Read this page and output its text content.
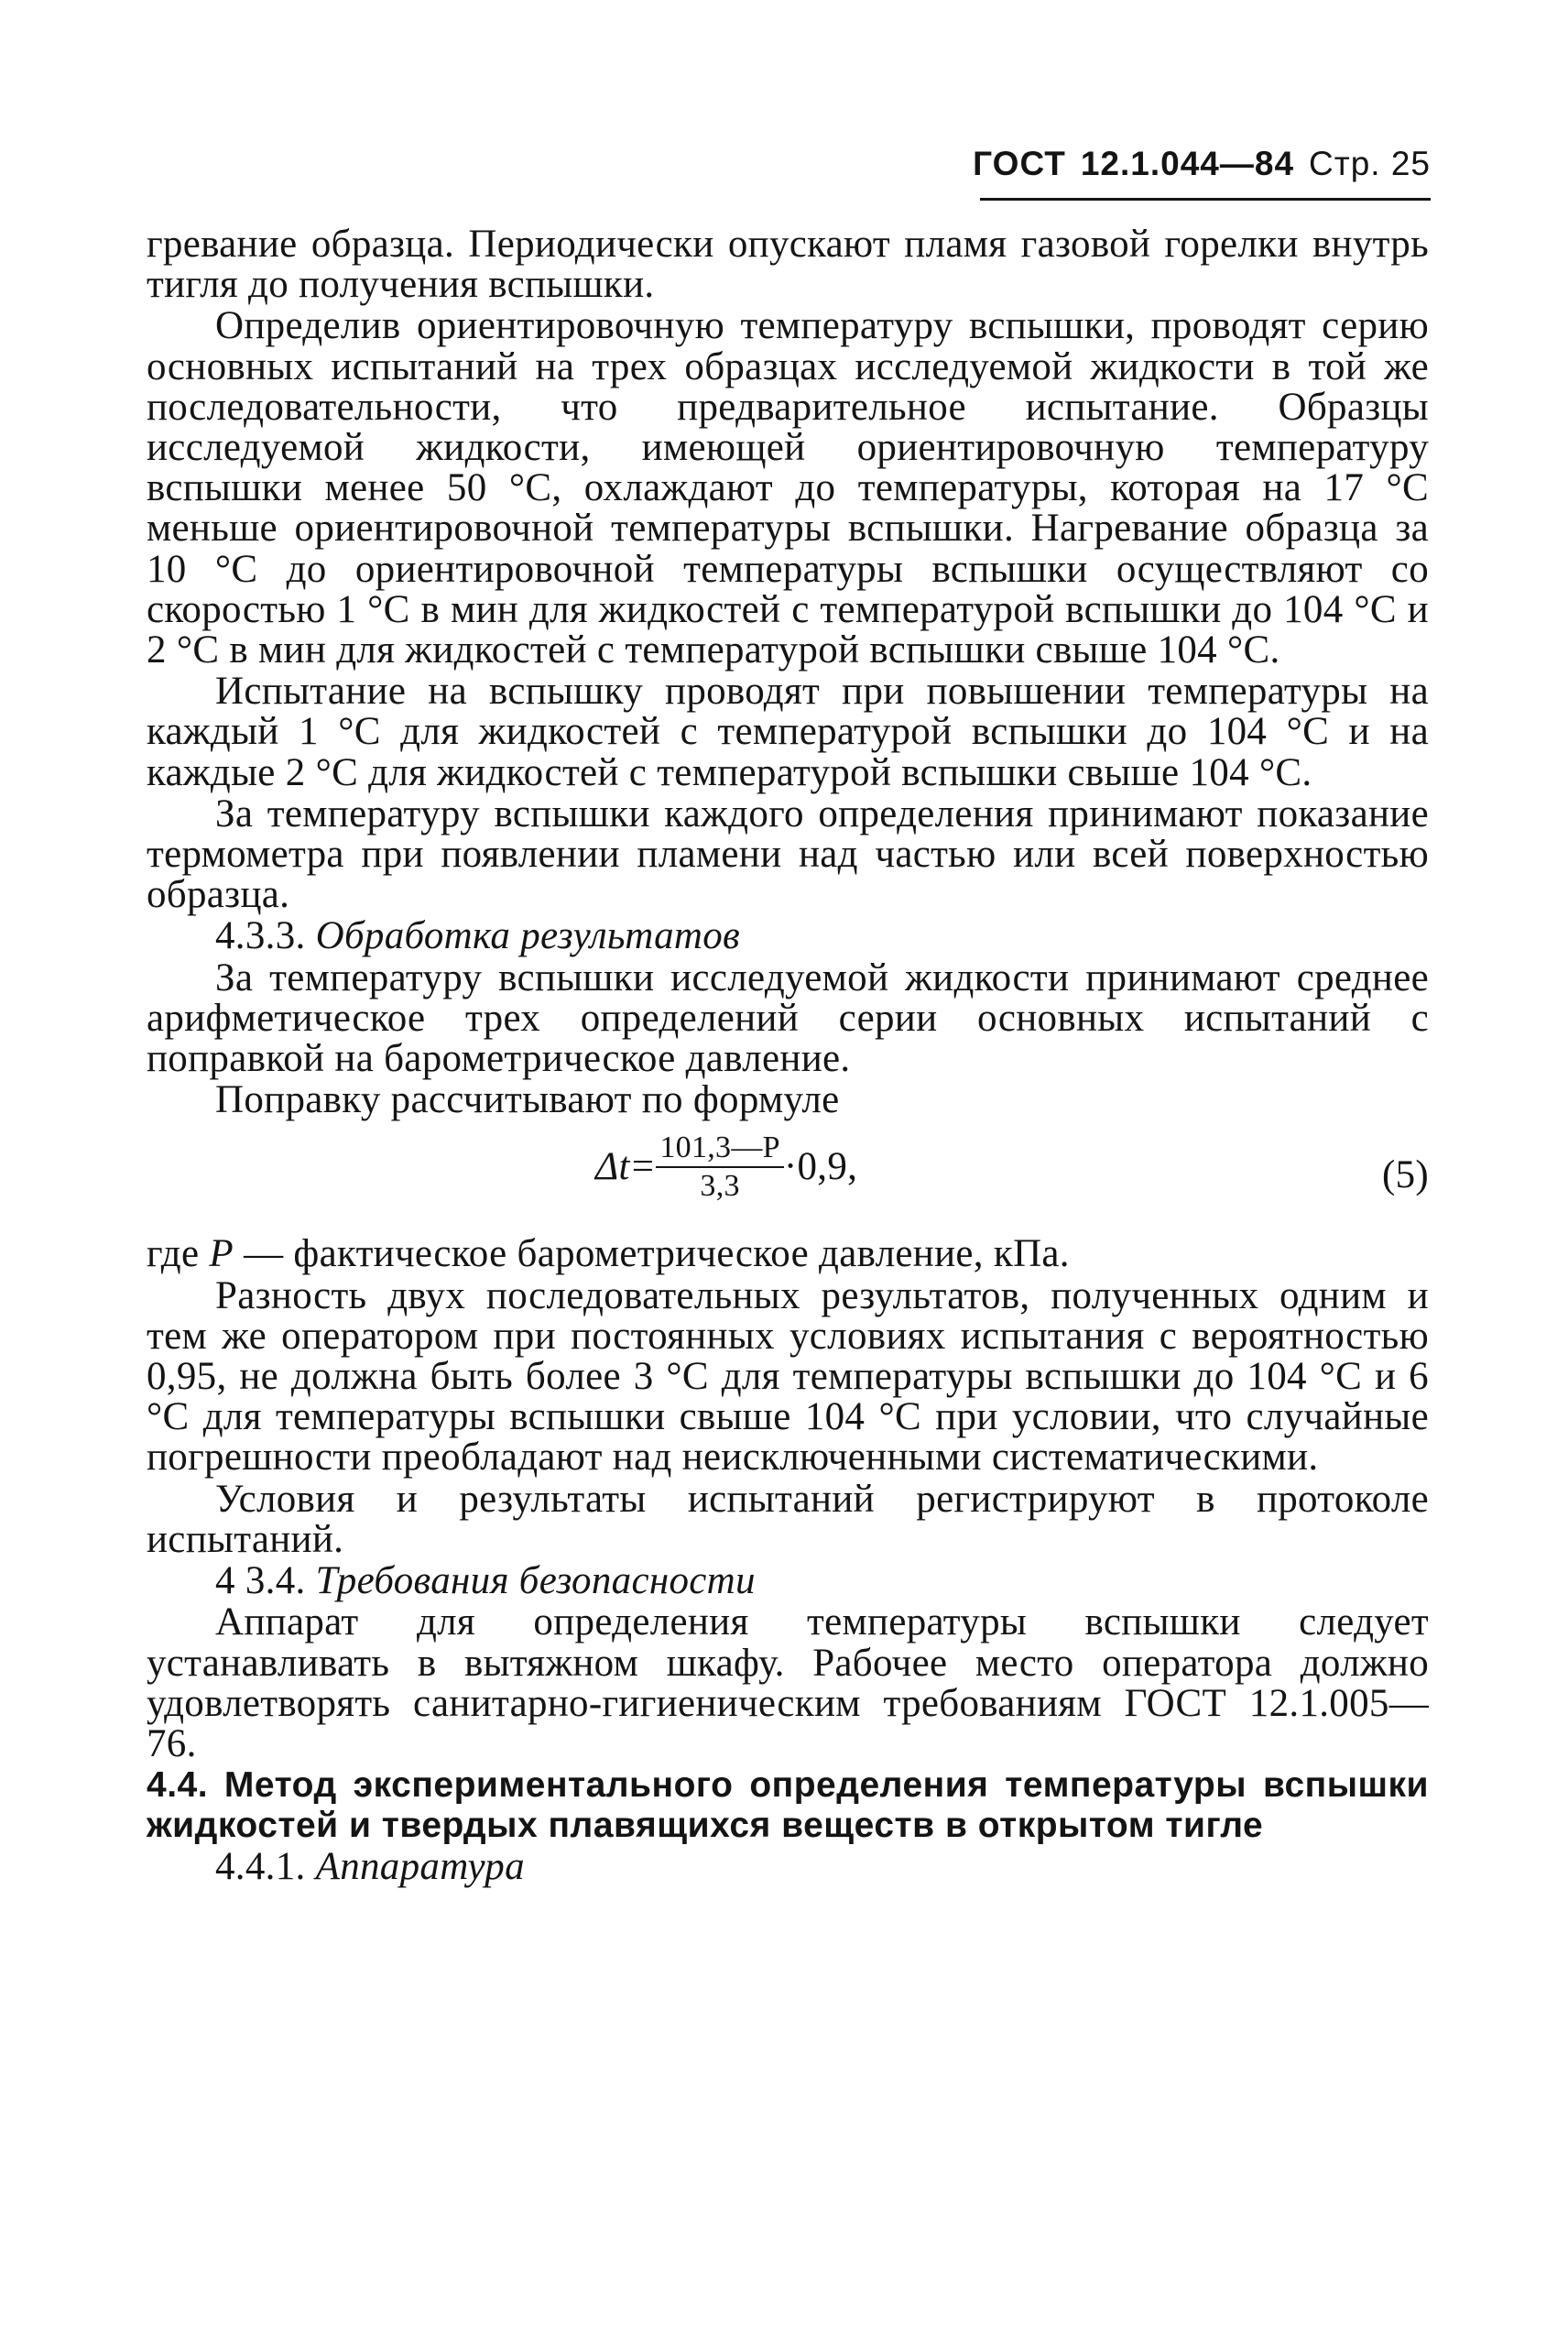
ГОСТ 12.1.044—84 Стр. 25

гревание образца. Периодически опускают пламя газовой горелки внутрь тигля до получения вспышки.

Определив ориентировочную температуру вспышки, проводят серию основных испытаний на трех образцах исследуемой жидкости в той же последовательности, что предварительное испытание. Образцы исследуемой жидкости, имеющей ориентировочную температуру вспышки менее 50 °С, охлаждают до температуры, которая на 17 °С меньше ориентировочной температуры вспышки. Нагревание образца за 10 °С до ориентировочной температуры вспышки осуществляют со скоростью 1 °С в мин для жидкостей с температурой вспышки до 104 °С и 2 °С в мин для жидкостей с температурой вспышки свыше 104 °С.

Испытание на вспышку проводят при повышении температуры на каждый 1 °С для жидкостей с температурой вспышки до 104 °С и на каждые 2 °С для жидкостей с температурой вспышки свыше 104 °С.

За температуру вспышки каждого определения принимают показание термометра при появлении пламени над частью или всей поверхностью образца.

4.3.3. Обработка результатов

За температуру вспышки исследуемой жидкости принимают среднее арифметическое трех определений серии основных испытаний с поправкой на барометрическое давление.

Поправку рассчитывают по формуле

$\Delta t= \frac{101,3—P}{3,3} \cdot 0,9$,	(5)

где P — фактическое барометрическое давление, кПа.

Разность двух последовательных результатов, полученных одним и тем же оператором при постоянных условиях испытания с вероятностью 0,95, не должна быть более 3 °С для температуры вспышки до 104 °С и 6 °С для температуры вспышки свыше 104 °С при условии, что случайные погрешности преобладают над неисключенными систематическими.

Условия и результаты испытаний регистрируют в протоколе испытаний.

4 3.4. Требования безопасности

Аппарат для определения температуры вспышки следует устанавливать в вытяжном шкафу. Рабочее место оператора должно удовлетворять санитарно-гигиеническим требованиям ГОСТ 12.1.005—76.

4.4. Метод экспериментального определения температуры вспышки жидкостей и твердых плавящихся веществ в открытом тигле

4.4.1. Аппаратура
